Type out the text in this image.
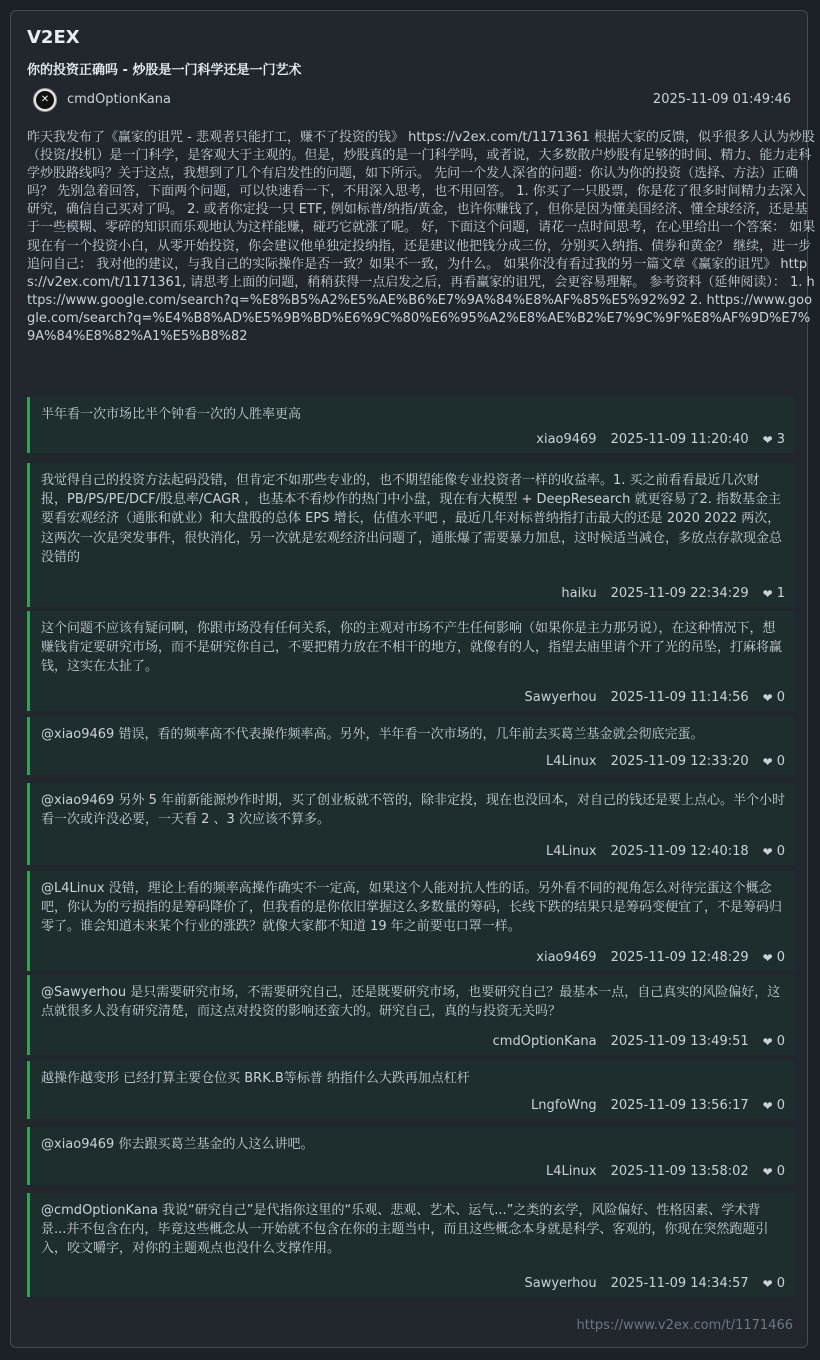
V2EX
你的投资正确吗 - 炒股是一门科学还是一门艺术
✕	cmdOptionKana	2025-11-09 01:49:46
昨天我发布了《赢家的诅咒 - 悲观者只能打工，赚不了投资的钱》 https://v2ex.com/t/1171361 根据大家的反馈，似乎很多人认为炒股（投资/投机）是一门科学，是客观大于主观的。但是，炒股真的是一门科学吗，或者说，大多数散户炒股有足够的时间、精力、能力走科学炒股路线吗？关于这点，我想到了几个有启发性的问题，如下所示。 先问一个发人深省的问题：你认为你的投资（选择、方法）正确吗？ 先别急着回答，下面两个问题，可以快速看一下，不用深入思考，也不用回答。 1. 你买了一只股票，你是花了很多时间精力去深入研究，确信自己买对了吗。 2. 或者你定投一只 ETF, 例如标普/纳指/黄金，也许你赚钱了，但你是因为懂美国经济、懂全球经济，还是基于一些模糊、零碎的知识而乐观地认为这样能赚，碰巧它就涨了呢。 好，下面这个问题，请花一点时间思考，在心里给出一个答案： 如果现在有一个投资小白，从零开始投资，你会建议他单独定投纳指，还是建议他把钱分成三份，分别买入纳指、债券和黄金？ 继续，进一步追问自己： 我对他的建议，与我自己的实际操作是否一致？如果不一致，为什么。 如果你没有看过我的另一篇文章《赢家的诅咒》 https://v2ex.com/t/1171361, 请思考上面的问题，稍稍获得一点启发之后，再看赢家的诅咒，会更容易理解。 参考资料（延伸阅读）： 1. https://www.google.com/search?q=%E8%B5%A2%E5%AE%B6%E7%9A%84%E8%AF%85%E5%92%92 2. https://www.google.com/search?q=%E4%B8%AD%E5%9B%BD%E6%9C%80%E6%95%A2%E8%AE%B2%E7%9C%9F%E8%AF%9D%E7%9A%84%E8%82%A1%E5%B8%82
半年看一次市场比半个钟看一次的人胜率更高
xiao9469 2025-11-09 11:20:40 ❤ 3
我觉得自己的投资方法起码没错，但肯定不如那些专业的，也不期望能像专业投资者一样的收益率。1. 买之前看看最近几次财报，PB/PS/PE/DCF/股息率/CAGR ，也基本不看炒作的热门中小盘，现在有大模型 + DeepResearch 就更容易了2. 指数基金主要看宏观经济（通胀和就业）和大盘股的总体 EPS 增长，估值水平吧 ，最近几年对标普纳指打击最大的还是 2020 2022 两次，这两次一次是突发事件，很快消化，另一次就是宏观经济出问题了，通胀爆了需要暴力加息，这时候适当减仓，多放点存款现金总没错的
haiku 2025-11-09 22:34:29 ❤ 1
这个问题不应该有疑问啊，你跟市场没有任何关系，你的主观对市场不产生任何影响（如果你是主力那另说），在这种情况下，想赚钱肯定要研究市场，而不是研究你自己，不要把精力放在不相干的地方，就像有的人，指望去庙里请个开了光的吊坠，打麻将赢钱，这实在太扯了。
Sawyerhou 2025-11-09 11:14:56 ❤ 0
@xiao9469 错误，看的频率高不代表操作频率高。另外，半年看一次市场的，几年前去买葛兰基金就会彻底完蛋。
L4Linux 2025-11-09 12:33:20 ❤ 0
@xiao9469 另外 5 年前新能源炒作时期，买了创业板就不管的，除非定投，现在也没回本，对自己的钱还是要上点心。半个小时看一次或许没必要，一天看 2 、3 次应该不算多。
L4Linux 2025-11-09 12:40:18 ❤ 0
@L4Linux 没错，理论上看的频率高操作确实不一定高，如果这个人能对抗人性的话。另外看不同的视角怎么对待完蛋这个概念吧，你认为的亏损指的是筹码降价了，但我看的是你依旧掌握这么多数量的筹码，长线下跌的结果只是筹码变便宜了，不是筹码归零了。谁会知道未来某个行业的涨跌？就像大家都不知道 19 年之前要屯口罩一样。
xiao9469 2025-11-09 12:48:29 ❤ 0
@Sawyerhou 是只需要研究市场，不需要研究自己，还是既要研究市场，也要研究自己？最基本一点，自己真实的风险偏好，这点就很多人没有研究清楚，而这点对投资的影响还蛮大的。研究自己，真的与投资无关吗？
cmdOptionKana 2025-11-09 13:49:51 ❤ 0
越操作越变形 已经打算主要仓位买 BRK.B等标普 纳指什么大跌再加点杠杆
LngfoWng 2025-11-09 13:56:17 ❤ 0
@xiao9469 你去跟买葛兰基金的人这么讲吧。
L4Linux 2025-11-09 13:58:02 ❤ 0
@cmdOptionKana 我说“研究自己”是代指你这里的“乐观、悲观、艺术、运气...”之类的玄学，风险偏好、性格因素、学术背景...并不包含在内，毕竟这些概念从一开始就不包含在你的主题当中，而且这些概念本身就是科学、客观的，你现在突然跑题引入，咬文嚼字，对你的主题观点也没什么支撑作用。
Sawyerhou 2025-11-09 14:34:57 ❤ 0
https://www.v2ex.com/t/1171466
